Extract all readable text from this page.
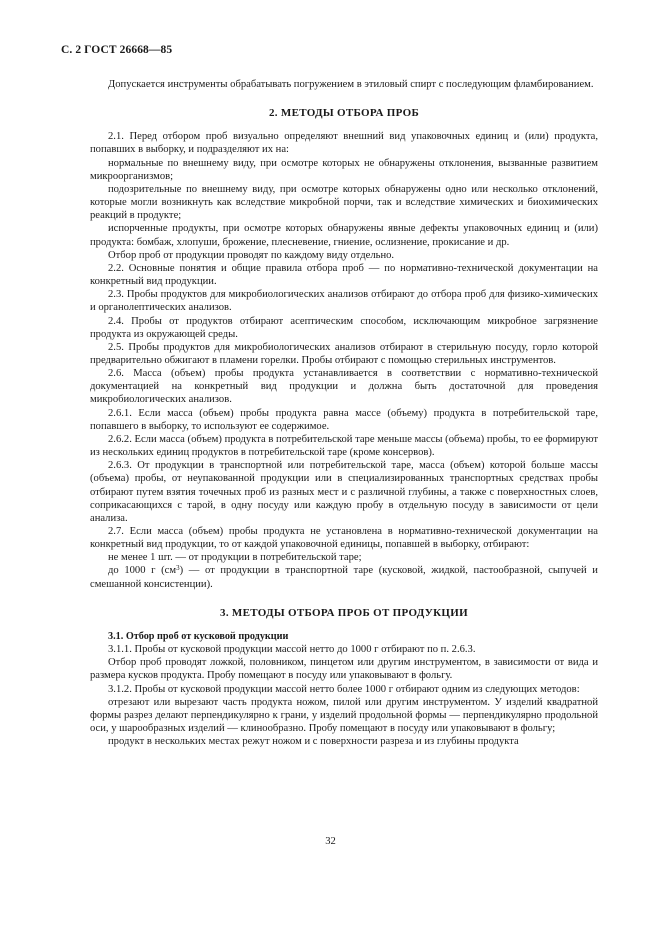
С. 2 ГОСТ 26668—85

Допускается инструменты обрабатывать погружением в этиловый спирт с последующим фламбированием.

2. МЕТОДЫ ОТБОРА ПРОБ

2.1. Перед отбором проб визуально определяют внешний вид упаковочных единиц и (или) продукта, попавших в выборку, и подразделяют их на:

нормальные по внешнему виду, при осмотре которых не обнаружены отклонения, вызванные развитием микроорганизмов;

подозрительные по внешнему виду, при осмотре которых обнаружены одно или несколько отклонений, которые могли возникнуть как вследствие микробной порчи, так и вследствие химических и биохимических реакций в продукте;

испорченные продукты, при осмотре которых обнаружены явные дефекты упаковочных единиц и (или) продукта: бомбаж, хлопуши, брожение, плесневение, гниение, ослизнение, прокисание и др.

Отбор проб от продукции проводят по каждому виду отдельно.

2.2. Основные понятия и общие правила отбора проб — по нормативно-технической документации на конкретный вид продукции.

2.3. Пробы продуктов для микробиологических анализов отбирают до отбора проб для физико-химических и органолептических анализов.

2.4. Пробы от продуктов отбирают асептическим способом, исключающим микробное загрязнение продукта из окружающей среды.

2.5. Пробы продуктов для микробиологических анализов отбирают в стерильную посуду, горло которой предварительно обжигают в пламени горелки. Пробы отбирают с помощью стерильных инструментов.

2.6. Масса (объем) пробы продукта устанавливается в соответствии с нормативно-технической документацией на конкретный вид продукции и должна быть достаточной для проведения микробиологических анализов.

2.6.1. Если масса (объем) пробы продукта равна массе (объему) продукта в потребительской таре, попавшего в выборку, то используют ее содержимое.

2.6.2. Если масса (объем) продукта в потребительской таре меньше массы (объема) пробы, то ее формируют из нескольких единиц продуктов в потребительской таре (кроме консервов).

2.6.3. От продукции в транспортной или потребительской таре, масса (объем) которой больше массы (объема) пробы, от неупакованной продукции или в специализированных транспортных средствах пробы отбирают путем взятия точечных проб из разных мест и с различной глубины, а также с поверхностных слоев, соприкасающихся с тарой, в одну посуду или каждую пробу в отдельную посуду в зависимости от цели анализа.

2.7. Если масса (объем) пробы продукта не установлена в нормативно-технической документации на конкретный вид продукции, то от каждой упаковочной единицы, попавшей в выборку, отбирают:

не менее 1 шт. — от продукции в потребительской таре;

до 1000 г $(см^3)$ — от продукции в транспортной таре (кусковой, жидкой, пастообразной, сыпучей и смешанной консистенции).

3. МЕТОДЫ ОТБОРА ПРОБ ОТ ПРОДУКЦИИ

3.1. Отбор проб от кусковой продукции

3.1.1. Пробы от кусковой продукции массой нетто до 1000 г отбирают по п. 2.6.3.

Отбор проб проводят ложкой, половником, пинцетом или другим инструментом, в зависимости от вида и размера кусков продукта. Пробу помещают в посуду или упаковывают в фольгу.

3.1.2. Пробы от кусковой продукции массой нетто более 1000 г отбирают одним из следующих методов:

отрезают или вырезают часть продукта ножом, пилой или другим инструментом. У изделий квадратной формы разрез делают перпендикулярно к грани, у изделий продольной формы — перпендикулярно продольной оси, у шарообразных изделий — клинообразно. Пробу помещают в посуду или упаковывают в фольгу;

продукт в нескольких местах режут ножом и с поверхности разреза и из глубины продукта

32
